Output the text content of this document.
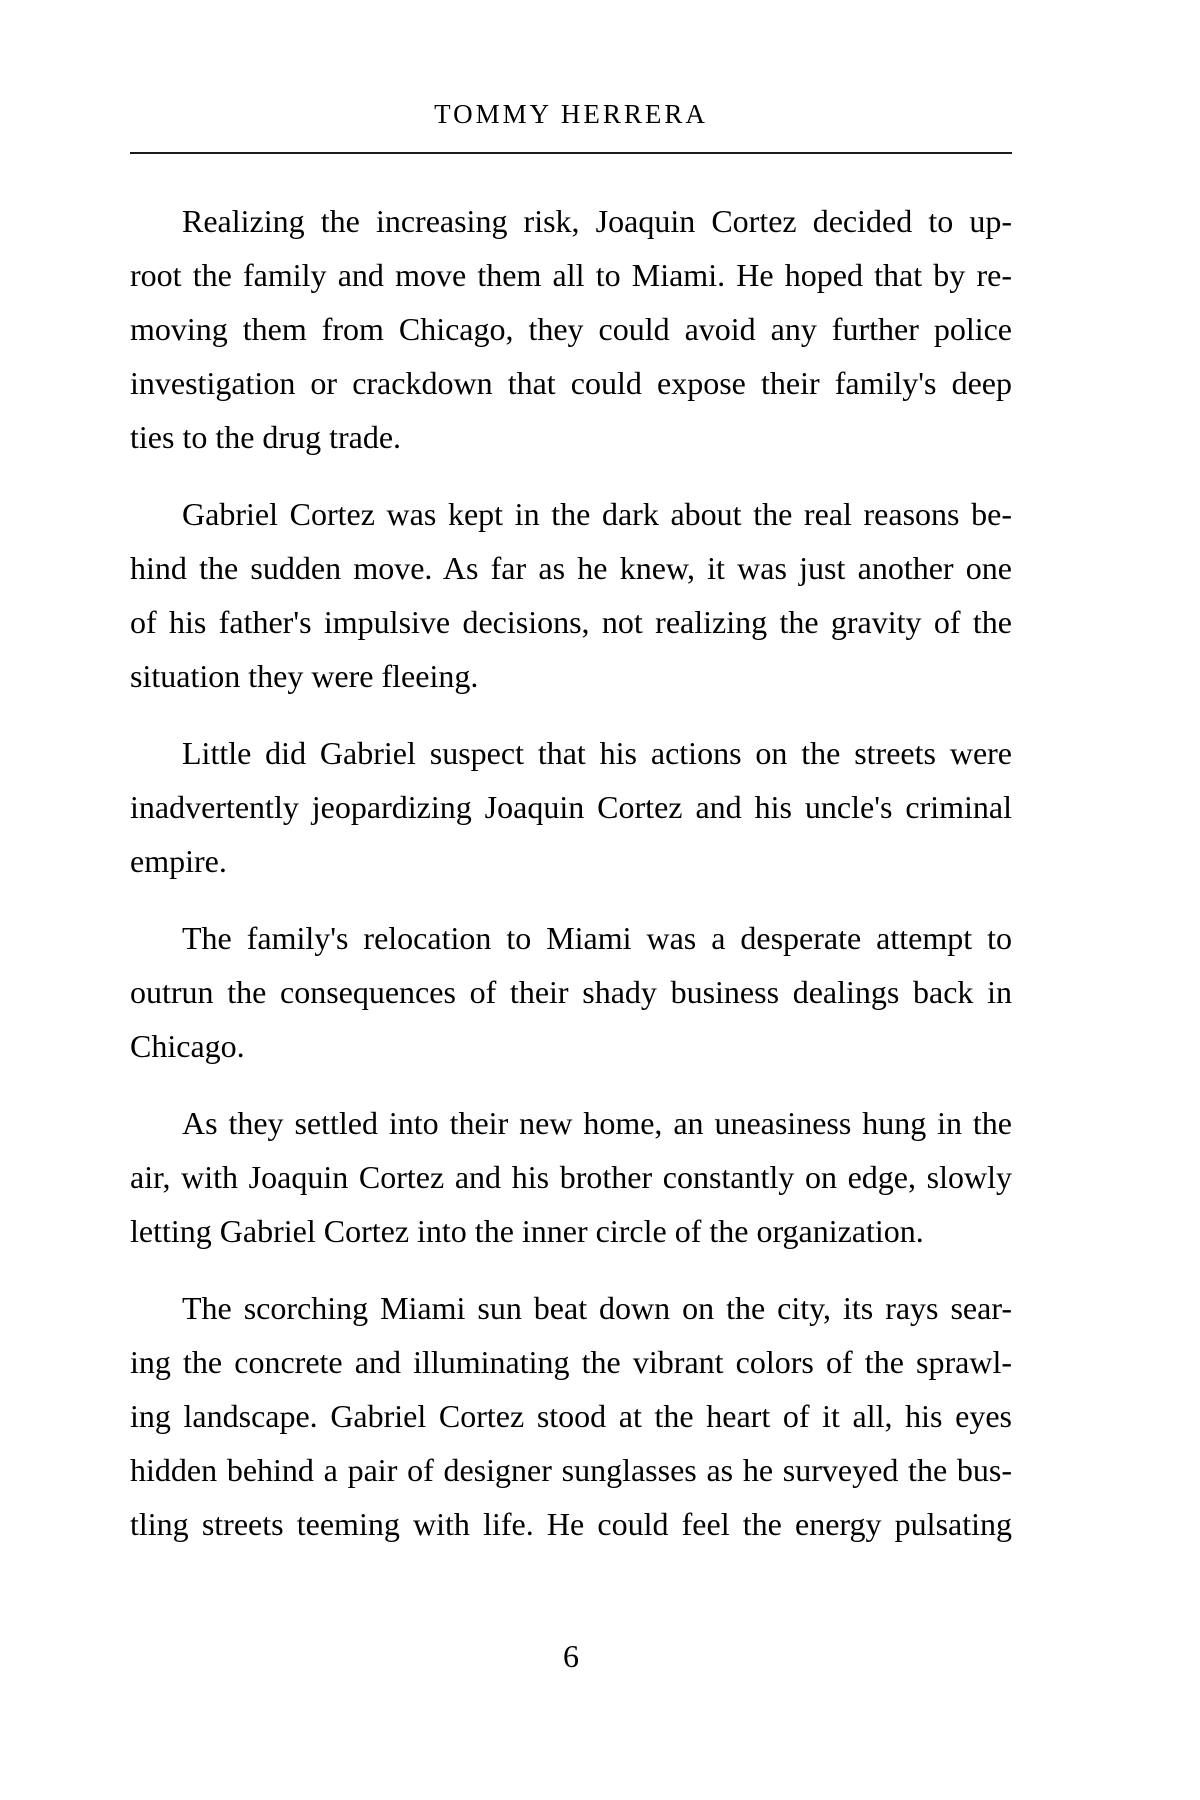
TOMMY HERRERA
Realizing the increasing risk, Joaquin Cortez decided to up-
root the family and move them all to Miami. He hoped that by re-
moving them from Chicago, they could avoid any further police
investigation or crackdown that could expose their family's deep
ties to the drug trade.
Gabriel Cortez was kept in the dark about the real reasons be-
hind the sudden move. As far as he knew, it was just another one
of his father's impulsive decisions, not realizing the gravity of the
situation they were fleeing.
Little did Gabriel suspect that his actions on the streets were
inadvertently jeopardizing Joaquin Cortez and his uncle's criminal
empire.
The family's relocation to Miami was a desperate attempt to
outrun the consequences of their shady business dealings back in
Chicago.
As they settled into their new home, an uneasiness hung in the
air, with Joaquin Cortez and his brother constantly on edge, slowly
letting Gabriel Cortez into the inner circle of the organization.
The scorching Miami sun beat down on the city, its rays sear-
ing the concrete and illuminating the vibrant colors of the sprawl-
ing landscape. Gabriel Cortez stood at the heart of it all, his eyes
hidden behind a pair of designer sunglasses as he surveyed the bus-
tling streets teeming with life. He could feel the energy pulsating
6
